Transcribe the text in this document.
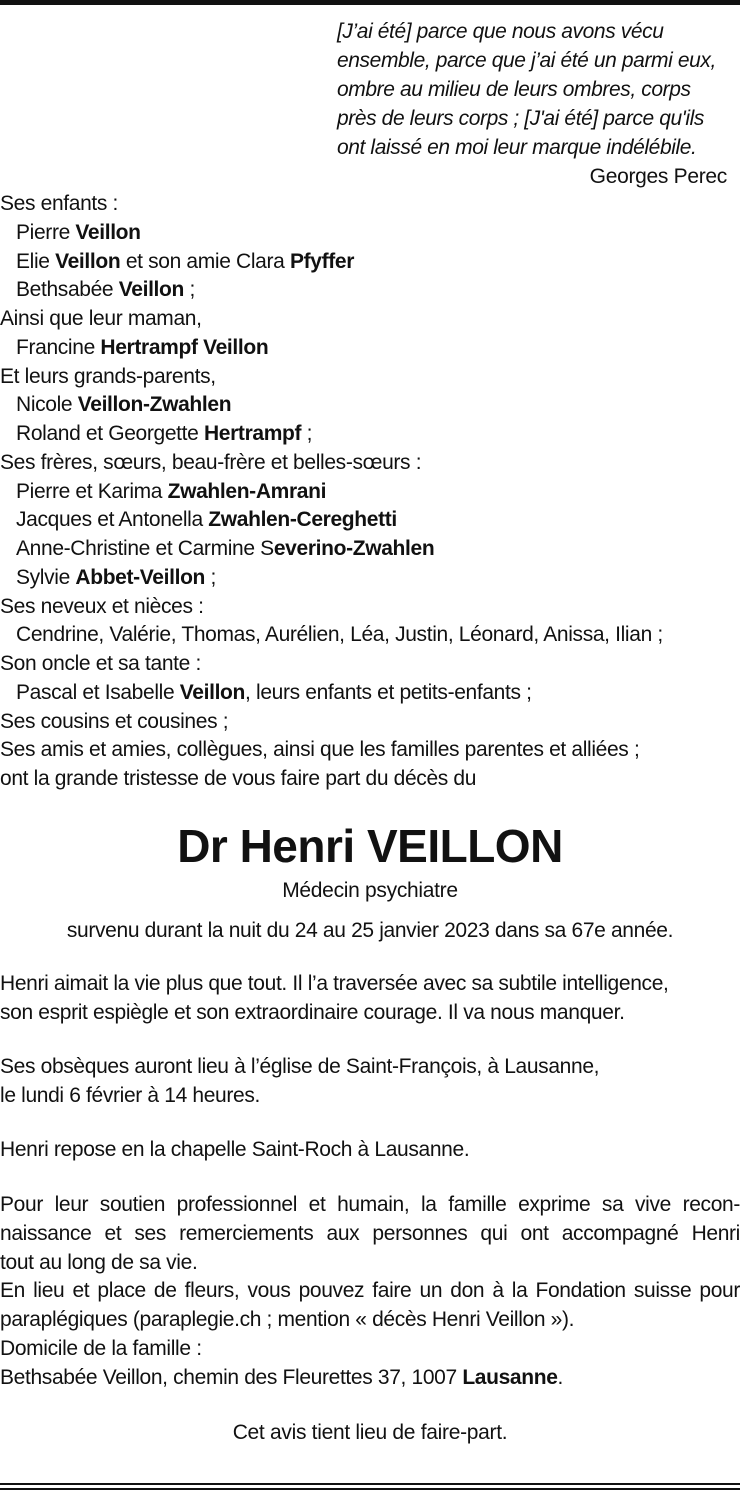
[J’ai été] parce que nous avons vécu
ensemble, parce que j’ai été un parmi eux,
ombre au milieu de leurs ombres, corps
près de leurs corps ; [J'ai été] parce qu'ils
ont laissé en moi leur marque indélébile.
Georges Perec
Ses enfants :
Pierre Veillon
Elie Veillon et son amie Clara Pfyffer
Bethsabée Veillon ;
Ainsi que leur maman,
Francine Hertrampf Veillon
Et leurs grands-parents,
Nicole Veillon-Zwahlen
Roland et Georgette Hertrampf ;
Ses frères, sœurs, beau-frère et belles-sœurs :
Pierre et Karima Zwahlen-Amrani
Jacques et Antonella Zwahlen-Cereghetti
Anne-Christine et Carmine Severino-Zwahlen
Sylvie Abbet-Veillon ;
Ses neveux et nièces :
Cendrine, Valérie, Thomas, Aurélien, Léa, Justin, Léonard, Anissa, Ilian ;
Son oncle et sa tante :
Pascal et Isabelle Veillon, leurs enfants et petits-enfants ;
Ses cousins et cousines ;
Ses amis et amies, collègues, ainsi que les familles parentes et alliées ;
ont la grande tristesse de vous faire part du décès du
Dr Henri VEILLON
Médecin psychiatre
survenu durant la nuit du 24 au 25 janvier 2023 dans sa 67e année.
Henri aimait la vie plus que tout. Il l’a traversée avec sa subtile intelligence,
son esprit espiègle et son extraordinaire courage. Il va nous manquer.
Ses obsèques auront lieu à l’église de Saint-François, à Lausanne,
le lundi 6 février à 14 heures.
Henri repose en la chapelle Saint-Roch à Lausanne.
Pour leur soutien professionnel et humain, la famille exprime sa vive recon-
naissance et ses remerciements aux personnes qui ont accompagné Henri
tout au long de sa vie.
En lieu et place de fleurs, vous pouvez faire un don à la Fondation suisse pour
paraplégiques (paraplegie.ch ; mention « décès Henri Veillon »).
Domicile de la famille :
Bethsabée Veillon, chemin des Fleurettes 37, 1007 Lausanne.
Cet avis tient lieu de faire-part.
